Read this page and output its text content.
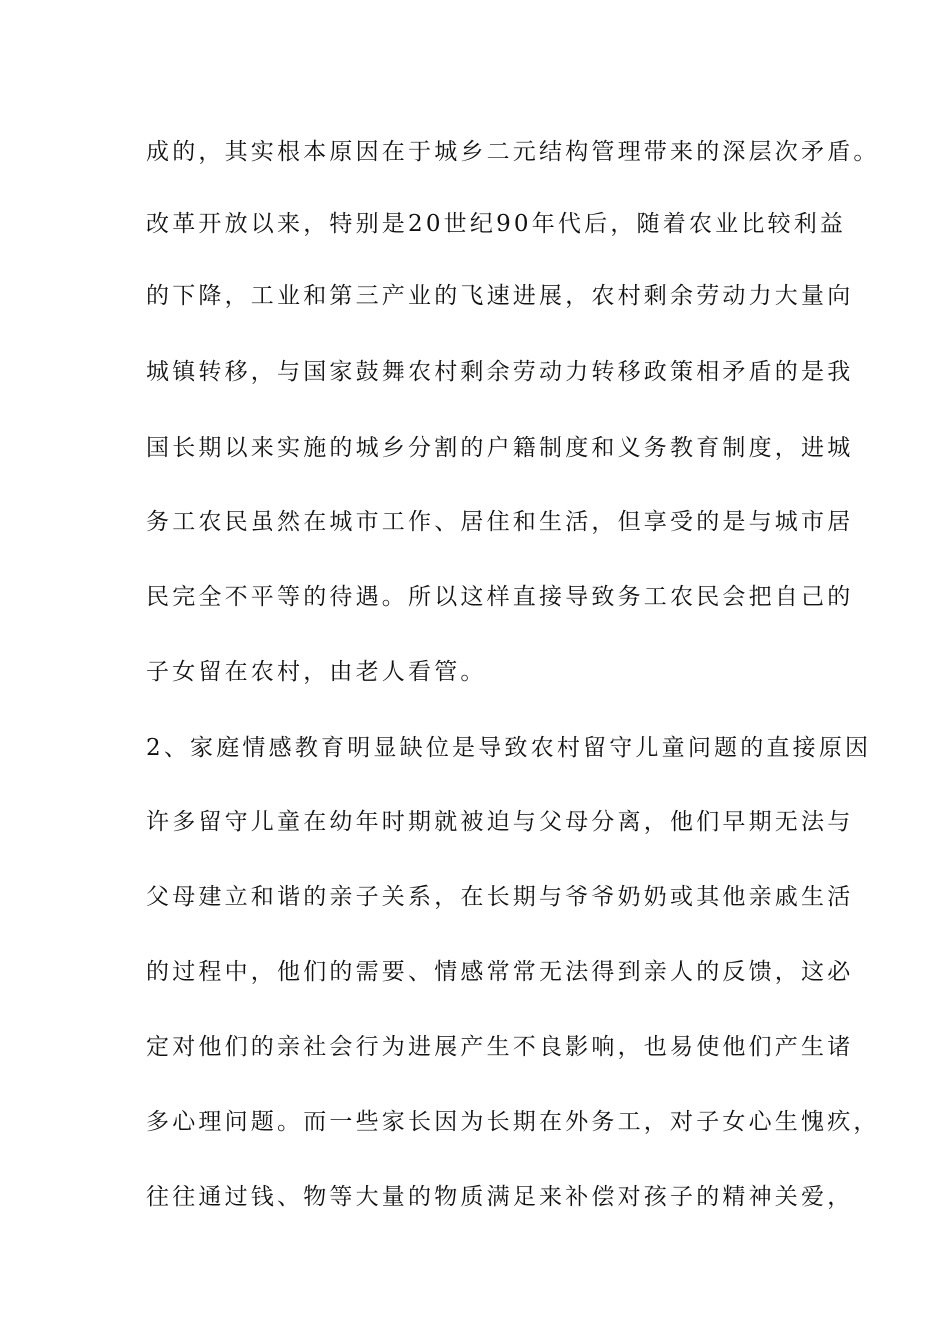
成的，其实根本原因在于城乡二元结构管理带来的深层次矛盾。
改革开放以来，特别是20世纪90年代后，随着农业比较利益
的下降，工业和第三产业的飞速进展，农村剩余劳动力大量向
城镇转移，与国家鼓舞农村剩余劳动力转移政策相矛盾的是我
国长期以来实施的城乡分割的户籍制度和义务教育制度，进城
务工农民虽然在城市工作、居住和生活，但享受的是与城市居
民完全不平等的待遇。所以这样直接导致务工农民会把自己的
子女留在农村，由老人看管。
2、家庭情感教育明显缺位是导致农村留守儿童问题的直接原因
许多留守儿童在幼年时期就被迫与父母分离，他们早期无法与
父母建立和谐的亲子关系，在长期与爷爷奶奶或其他亲戚生活
的过程中，他们的需要、情感常常无法得到亲人的反馈，这必
定对他们的亲社会行为进展产生不良影响，也易使他们产生诸
多心理问题。而一些家长因为长期在外务工，对子女心生愧疚，
往往通过钱、物等大量的物质满足来补偿对孩子的精神关爱，
